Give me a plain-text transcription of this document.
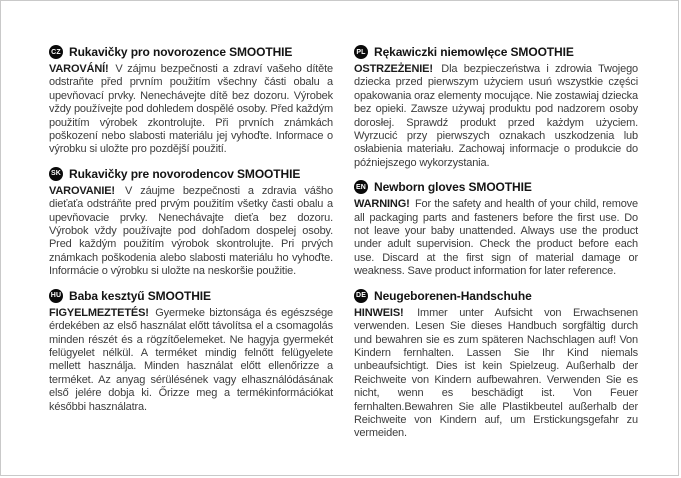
CZ Rukavičky pro novorozence SMOOTHIE

VAROVÁNÍ! V zájmu bezpečnosti a zdraví vašeho dítěte odstraňte před prvním použitím všechny části obalu a upevňovací prvky. Nenechávejte dítě bez dozoru. Výrobek vždy používejte pod dohledem dospělé osoby. Před každým použitím výrobek zkontrolujte. Při prvních známkách poškození nebo slabosti materiálu jej vyhoďte. Informace o výrobku si uložte pro pozdější použití.

SK Rukavičky pre novorodencov SMOOTHIE

VAROVANIE! V záujme bezpečnosti a zdravia vášho dieťaťa odstráňte pred prvým použitím všetky časti obalu a upevňovacie prvky. Nenechávajte dieťa bez dozoru. Výrobok vždy používajte pod dohľadom dospelej osoby. Pred každým použitím výrobok skontrolujte. Pri prvých známkach poškodenia alebo slabosti materiálu ho vyhoďte. Informácie o výrobku si uložte na neskoršie použitie.

HU Baba kesztyű SMOOTHIE

FIGYELMEZTETÉS! Gyermeke biztonsága és egészsége érdekében az első használat előtt távolítsa el a csomagolás minden részét és a rögzítőelemeket. Ne hagyja gyermekét felügyelet nélkül. A terméket mindig felnőtt felügyelete mellett használja. Minden használat előtt ellenőrizze a terméket. Az anyag sérülésének vagy elhasználódásának első jelére dobja ki. Őrizze meg a termékinformációkat későbbi használatra.

PL Rękawiczki niemowlęce SMOOTHIE

OSTRZEŻENIE! Dla bezpieczeństwa i zdrowia Twojego dziecka przed pierwszym użyciem usuń wszystkie części opakowania oraz elementy mocujące. Nie zostawiaj dziecka bez opieki. Zawsze używaj produktu pod nadzorem osoby dorosłej. Sprawdź produkt przed każdym użyciem. Wyrzucić przy pierwszych oznakach uszkodzenia lub osłabienia materiału. Zachowaj informacje o produkcie do późniejszego wykorzystania.

EN Newborn gloves SMOOTHIE

WARNING! For the safety and health of your child, remove all packaging parts and fasteners before the first use. Do not leave your baby unattended. Always use the product under adult supervision. Check the product before each use. Discard at the first sign of material damage or weakness. Save product information for later reference.

DE Neugeborenen-Handschuhe

HINWEIS! Immer unter Aufsicht von Erwachsenen verwenden. Lesen Sie dieses Handbuch sorgfältig durch und bewahren sie es zum späteren Nachschlagen auf! Von Kindern fernhalten. Lassen Sie Ihr Kind niemals unbeaufsichtigt. Dies ist kein Spielzeug. Außerhalb der Reichweite von Kindern aufbewahren. Verwenden Sie es nicht, wenn es beschädigt ist. Von Feuer fernhalten.Bewahren Sie alle Plastikbeutel außerhalb der Reichweite von Kindern auf, um Erstickungsgefahr zu vermeiden.
